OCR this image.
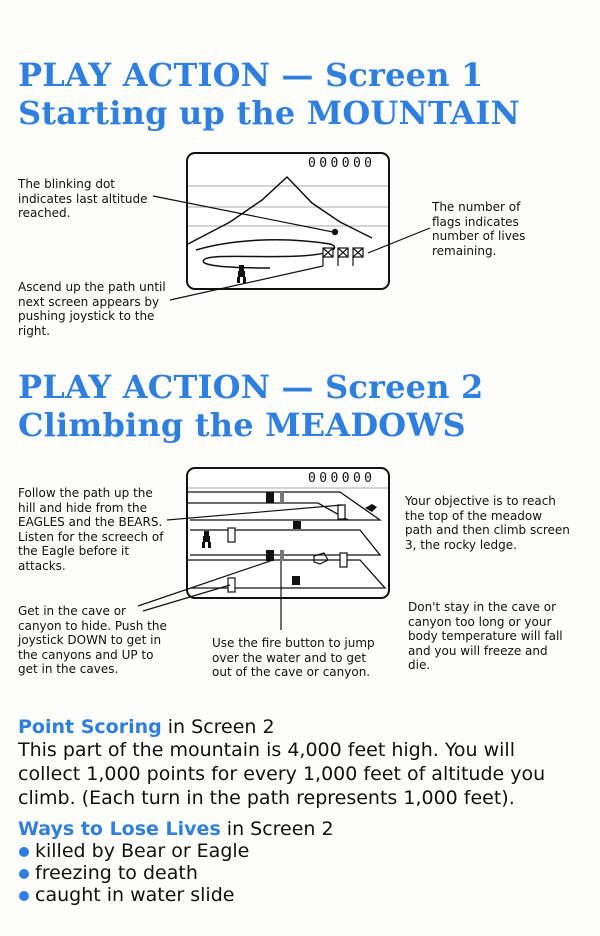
PLAY ACTION — Screen 1
Starting up the MOUNTAIN
000000
The blinking dot indicates last altitude reached.	The number of flags indicates number of lives remaining.
Ascend up the path until next screen appears by pushing joystick to the right.
PLAY ACTION — Screen 2
Climbing the MEADOWS
000000
Follow the path up the hill and hide from the EAGLES and the BEARS. Listen for the screech of the Eagle before it attacks.
Your objective is to reach the top of the meadow path and then climb screen 3, the rocky ledge.
Get in the cave or canyon to hide. Push the joystick DOWN to get in the canyons and UP to get in the caves.
Use the fire button to jump over the water and to get out of the cave or canyon.
Don't stay in the cave or canyon too long or your body temperature will fall and you will freeze and die.
Point Scoring in Screen 2
This part of the mountain is 4,000 feet high. You will collect 1,000 points for every 1,000 feet of altitude you climb. (Each turn in the path represents 1,000 feet).
Ways to Lose Lives in Screen 2
killed by Bear or Eagle
freezing to death
caught in water slide
